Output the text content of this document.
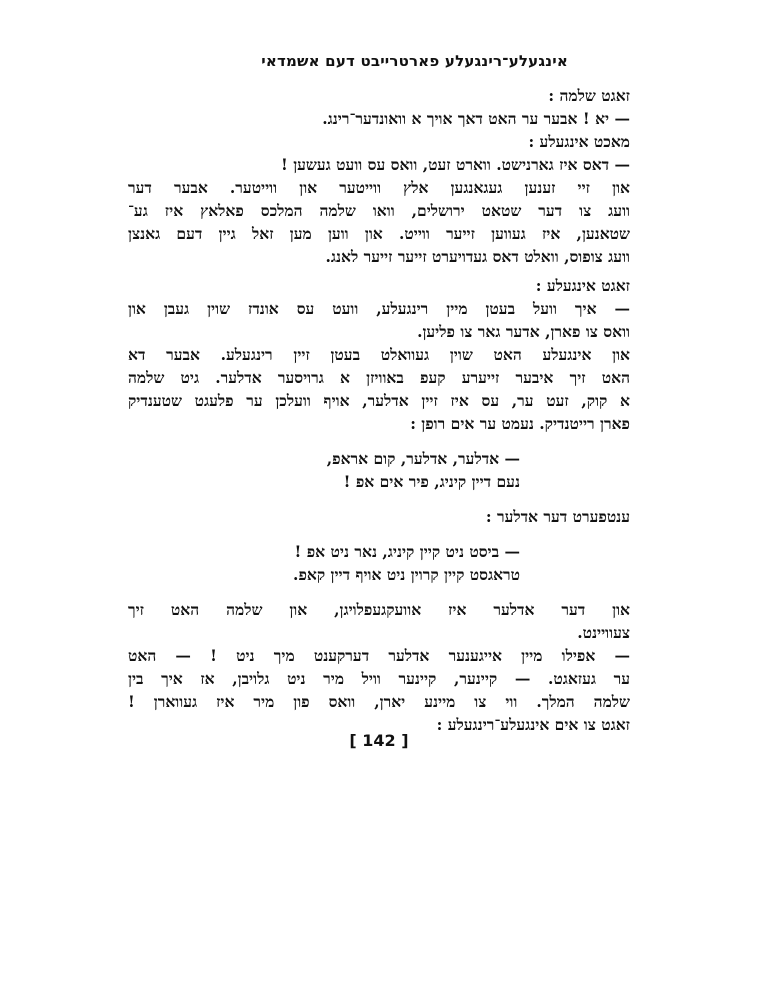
אינגעלע־רינגעלע פארטרייבט דעם אשמדאי
זאגט שלמה :
— יא ! אבער ער האט דאך אויך א וואונדער־רינג.
מאכט אינגעלע :
— דאס איז גארנישט. ווארט זעט, וואס עס וועט געשען !
און זיי זענען געגאנגען אלץ ווייטער און ווייטער. אבער דער
וועג צו דער שטאט ירושלים, וואו שלמה המלכס פאלאץ איז גע־
שטאנען, איז געווען זייער ווייט. און ווען מען זאל גיין דעם גאנצן
וועג צופוס, וואלט דאס געדויערט זייער זייער לאנג.
זאגט אינגעלע :
— איך וועל בעטן מיין רינגעלע, וועט עס אונדז שוין געבן און
וואס צו פארן, אדער גאר צו פליען.
און אינגעלע האט שוין געוואלט בעטן זיין רינגעלע. אבער דא
האט זיך איבער זייערע קעפ באוויזן א גרויסער אדלער. גיט שלמה
א קוק, זעט ער, עס איז זיין אדלער, אויף וועלכן ער פלעגט שטענדיק
פארן רייטנדיק. נעמט ער אים רופן :
— אדלער, אדלער, קום אראפ,
נעם דיין קיניג, פיר אים אפ !
ענטפערט דער אדלער :
— ביסט ניט קיין קיניג, נאר ניט אפ !
טראגסט קיין קרוין ניט אויף דיין קאפ.
און דער אדלער איז אוועקגעפלויגן, און שלמה האט זיך
צעוויינט.
— אפילו מיין אייגענער אדלער דערקענט מיך ניט ! — האט
ער געזאגט. — קיינער, קיינער וויל מיר ניט גלויבן, אז איך בין
שלמה המלך. ווי צו מיינע יארן, וואס פון מיר איז געווארן !
זאגט צו אים אינגעלע־רינגעלע :
[ 142 ]
